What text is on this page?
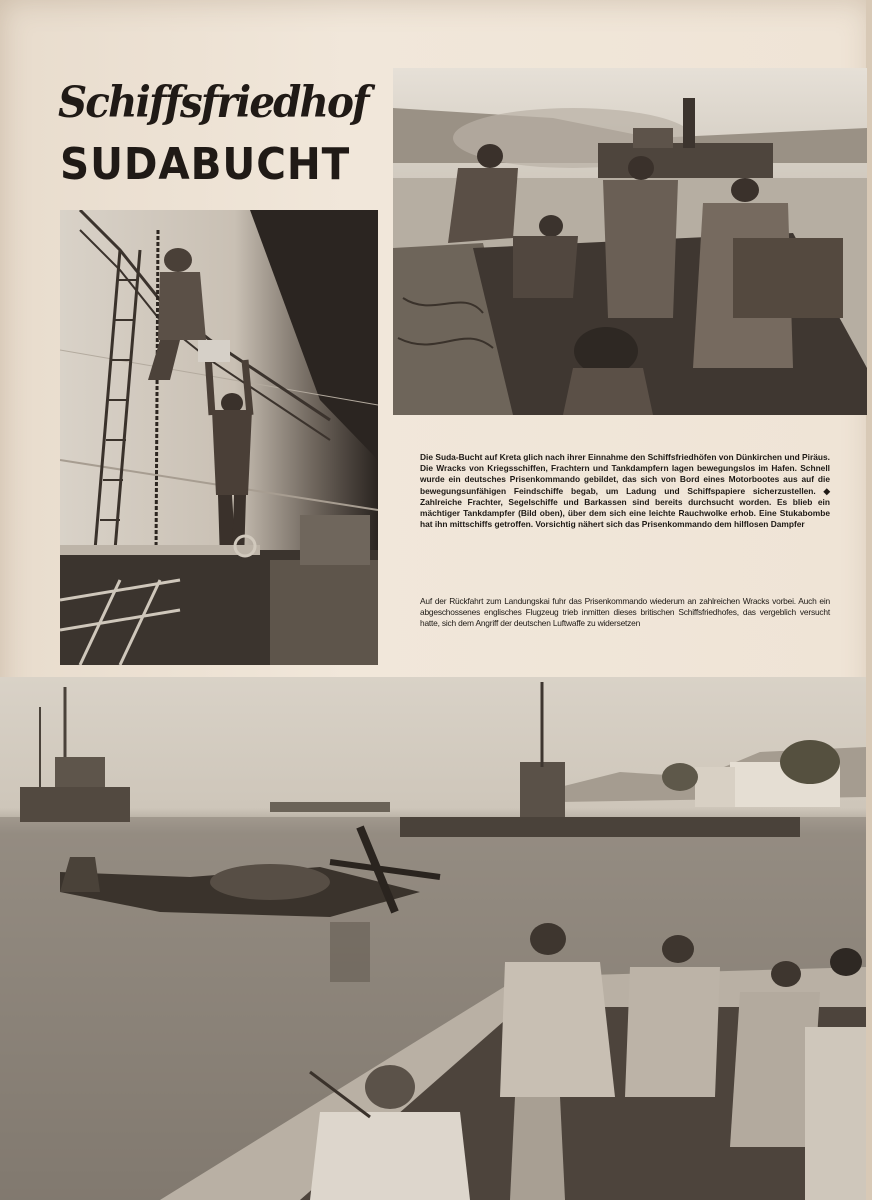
Schiffsfriedhof
SUDABUCHT
Die Suda-Bucht auf Kreta glich nach ihrer Einnahme den Schiffsfriedhöfen von Dünkirchen und Piräus. Die Wracks von Kriegsschiffen, Frachtern und Tankdampfern lagen bewegungslos im Hafen. Schnell wurde ein deutsches Prisenkommando gebildet, das sich von Bord eines Motorbootes aus auf die bewegungsunfähigen Feindschiffe begab, um Ladung und Schiffspapiere sicherzustellen. ◆ Zahlreiche Frachter, Segelschiffe und Barkassen sind bereits durchsucht worden. Es blieb ein mächtiger Tankdampfer (Bild oben), über dem sich eine leichte Rauchwolke erhob. Eine Stukabombe hat ihn mittschiffs getroffen. Vorsichtig nähert sich das Prisenkommando dem hilflosen Dampfer
Auf der Rückfahrt zum Landungskai fuhr das Prisenkommando wiederum an zahlreichen Wracks vorbei. Auch ein abgeschossenes englisches Flugzeug trieb inmitten dieses britischen Schiffsfriedhofes, das vergeblich versucht hatte, sich dem Angriff der deutschen Luftwaffe zu widersetzen
